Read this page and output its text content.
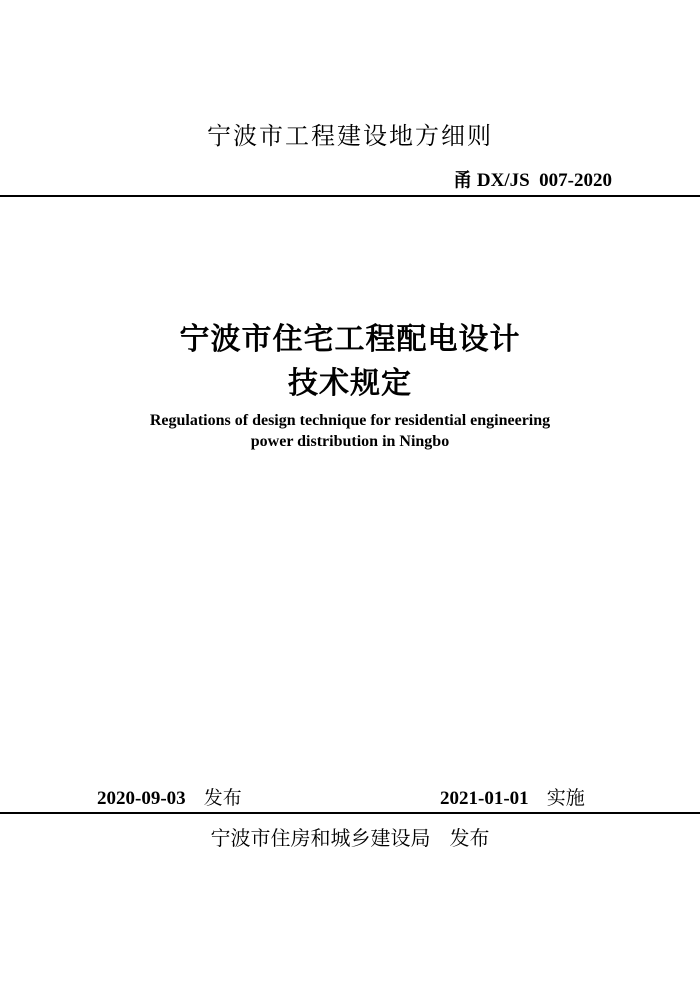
宁波市工程建设地方细则
甬 DX/JS  007-2020
宁波市住宅工程配电设计
技术规定
Regulations of design technique for residential engineering
power distribution in Ningbo
2020-09-03 发布	2021-01-01 实施
宁波市住房和城乡建设局 发布
